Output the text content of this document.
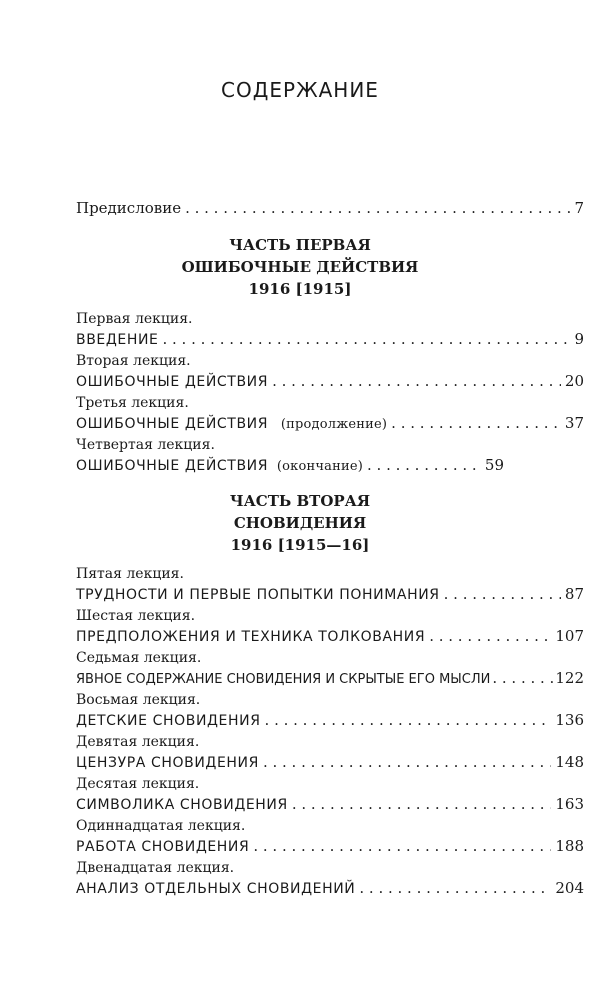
СОДЕРЖАНИЕ
Предисловие . . .	7
ЧАСТЬ ПЕРВАЯ
ОШИБОЧНЫЕ ДЕЙСТВИЯ
1916 [1915]
Первая лекция.
ВВЕДЕНИЕ . . .	9
Вторая лекция.
ОШИБОЧНЫЕ ДЕЙСТВИЯ . . .	20
Третья лекция.
ОШИБОЧНЫЕ ДЕЙСТВИЯ (продолжение) . . .	37
Четвертая лекция.
ОШИБОЧНЫЕ ДЕЙСТВИЯ (окончание) . . .	59
ЧАСТЬ ВТОРАЯ
СНОВИДЕНИЯ
1916 [1915—16]
Пятая лекция.
ТРУДНОСТИ И ПЕРВЫЕ ПОПЫТКИ ПОНИМАНИЯ . . .	87
Шестая лекция.
ПРЕДПОЛОЖЕНИЯ И ТЕХНИКА ТОЛКОВАНИЯ . . .	107
Седьмая лекция.
ЯВНОЕ СОДЕРЖАНИЕ СНОВИДЕНИЯ И СКРЫТЫЕ ЕГО МЫСЛИ . . .	122
Восьмая лекция.
ДЕТСКИЕ СНОВИДЕНИЯ . . .	136
Девятая лекция.
ЦЕНЗУРА СНОВИДЕНИЯ . . .	148
Десятая лекция.
СИМВОЛИКА СНОВИДЕНИЯ . . .	163
Одиннадцатая лекция.
РАБОТА СНОВИДЕНИЯ . . .	188
Двенадцатая лекция.
АНАЛИЗ ОТДЕЛЬНЫХ СНОВИДЕНИЙ . . .	204
